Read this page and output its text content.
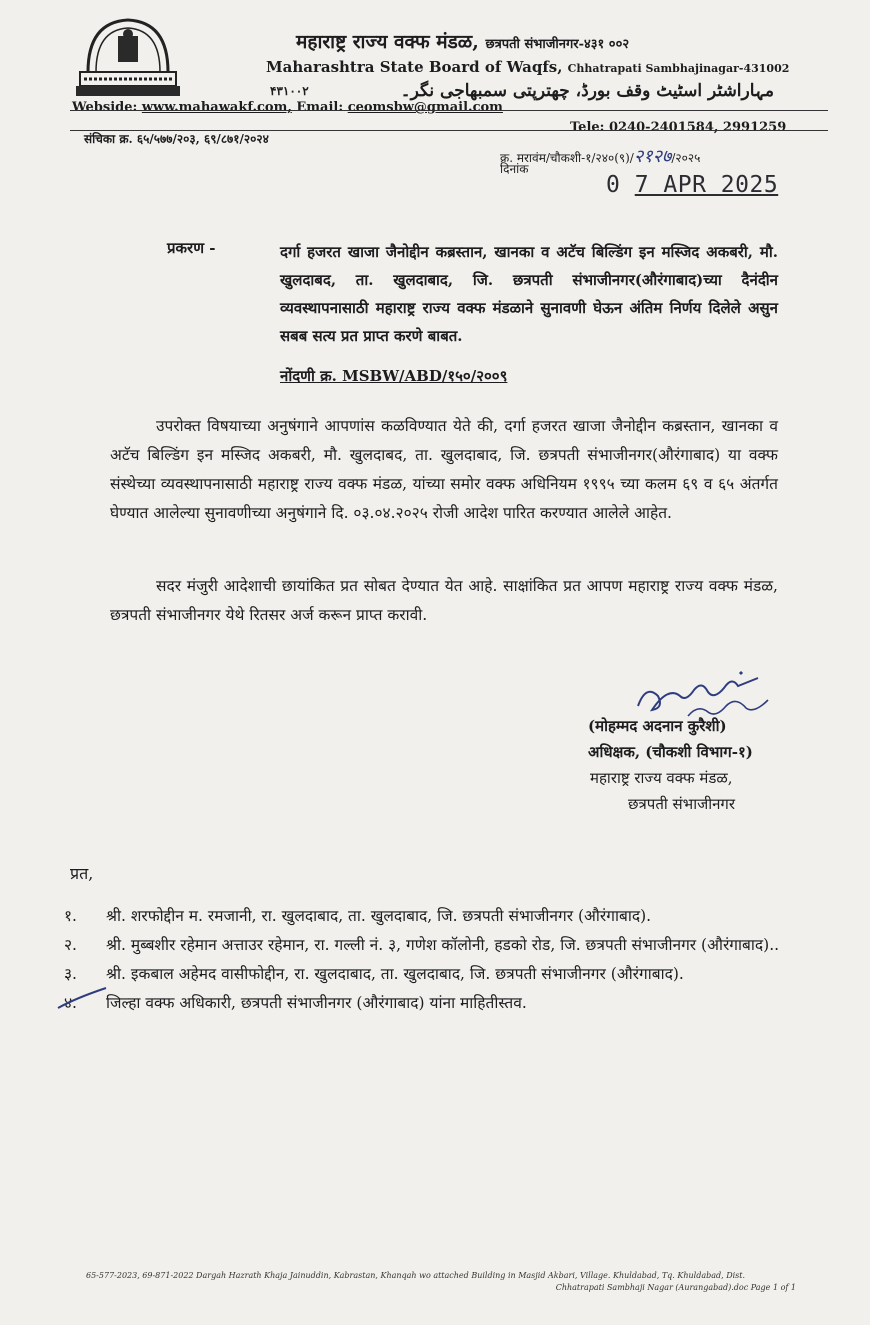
महाराष्ट्र राज्य वक्फ मंडळ, छत्रपती संभाजीनगर-४३१ ००२
Maharashtra State Board of Waqfs, Chhatrapati Sambhajinagar-431002
۴۳۱۰۰۲	مہاراشٹر اسٹیٹ وقف بورڈ، چھترپتی سمبھاجی نگر۔
Webside: www.mahawakf.com, Email: ceomsbw@gmail.com
Tele: 0240-2401584, 2991259
संचिका क्र. ६५/५७७/२०३, ६९/८७१/२०२४
क्र. मरावंम/चौकशी-१/२४०(९)/२१२७/२०२५
दिनांक
0 7 APR 2025
प्रकरण -	दर्गा हजरत खाजा जैनोद्दीन कब्रस्तान, खानका व अटॅच बिल्डिंग इन मस्जिद अकबरी, मौ. खुलदाबद, ता. खुलदाबाद, जि. छत्रपती संभाजीनगर(औरंगाबाद)च्या दैनंदीन व्यवस्थापनासाठी महाराष्ट्र राज्य वक्फ मंडळाने सुनावणी घेऊन अंतिम निर्णय दिलेले असुन सबब सत्य प्रत प्राप्त करणे बाबत.
नोंदणी क्र. MSBW/ABD/१५०/२००९
उपरोक्त विषयाच्या अनुषंगाने आपणांस कळविण्यात येते की, दर्गा हजरत खाजा जैनोद्दीन कब्रस्तान, खानका व अटॅच बिल्डिंग इन मस्जिद अकबरी, मौ. खुलदाबद, ता. खुलदाबाद, जि. छत्रपती संभाजीनगर(औरंगाबाद) या वक्फ संस्थेच्या व्यवस्थापनासाठी महाराष्ट्र राज्य वक्फ मंडळ, यांच्या समोर वक्फ अधिनियम १९९५ च्या कलम ६९ व ६५ अंतर्गत घेण्यात आलेल्या सुनावणीच्या अनुषंगाने दि. ०३.०४.२०२५ रोजी आदेश पारित करण्यात आलेले आहेत.
सदर मंजुरी आदेशाची छायांकित प्रत सोबत देण्यात येत आहे. साक्षांकित प्रत आपण महाराष्ट्र राज्य वक्फ मंडळ, छत्रपती संभाजीनगर येथे रितसर अर्ज करून प्राप्त करावी.
(मोहम्मद अदनान कुरैशी)
अधिक्षक, (चौकशी विभाग-१)
महाराष्ट्र राज्य वक्फ मंडळ,
छत्रपती संभाजीनगर
प्रत,
१.	श्री. शरफोद्दीन म. रमजानी, रा. खुलदाबाद, ता. खुलदाबाद, जि. छत्रपती संभाजीनगर (औरंगाबाद).
२.	श्री. मुब्बशीर रहेमान अत्ताउर रहेमान, रा. गल्ली नं. ३, गणेश कॉलोनी, हडको रोड, जि. छत्रपती संभाजीनगर (औरंगाबाद)..
३.	श्री. इकबाल अहेमद वासीफोद्दीन, रा. खुलदाबाद, ता. खुलदाबाद, जि. छत्रपती संभाजीनगर (औरंगाबाद).
४.	जिल्हा वक्फ अधिकारी, छत्रपती संभाजीनगर (औरंगाबाद) यांना माहितीस्तव.
65-577-2023, 69-871-2022 Dargah Hazrath Khaja Jainuddin, Kabrastan, Khanqah wo attached Building in Masjid Akbari, Village. Khuldabad, Tq. Khuldabad, Dist.
Chhatrapati Sambhaji Nagar (Aurangabad).doc Page 1 of 1
